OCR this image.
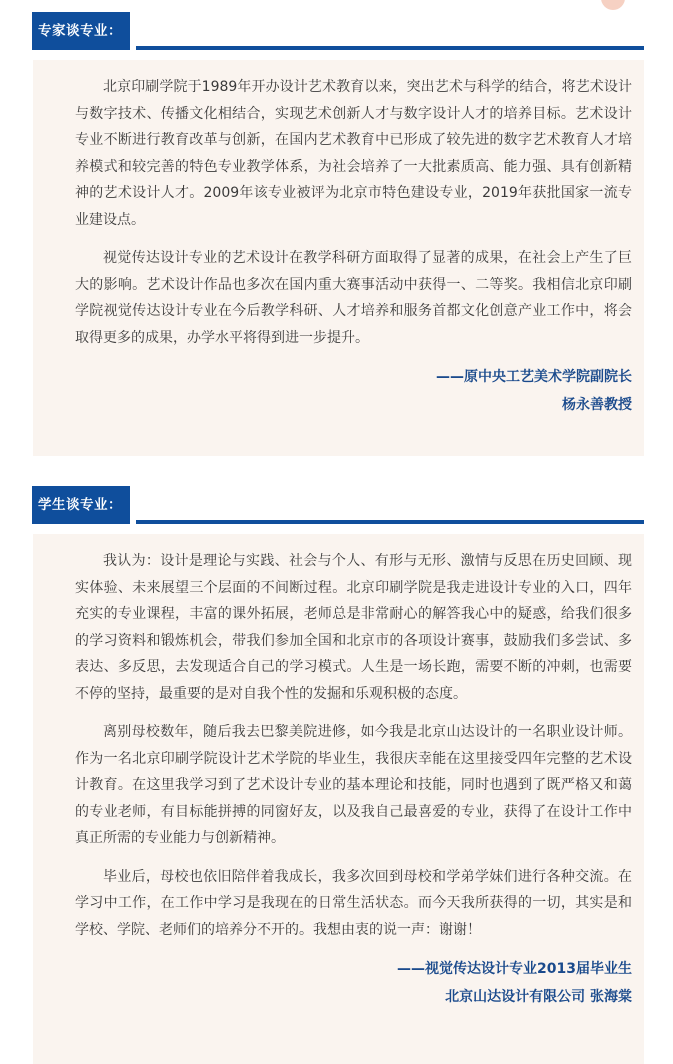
专家谈专业：

北京印刷学院于1989年开办设计艺术教育以来，突出艺术与科学的结合，将艺术设计与数字技术、传播文化相结合，实现艺术创新人才与数字设计人才的培养目标。艺术设计专业不断进行教育改革与创新，在国内艺术教育中已形成了较先进的数字艺术教育人才培养模式和较完善的特色专业教学体系，为社会培养了一大批素质高、能力强、具有创新精神的艺术设计人才。2009年该专业被评为北京市特色建设专业，2019年获批国家一流专业建设点。

视觉传达设计专业的艺术设计在教学科研方面取得了显著的成果，在社会上产生了巨大的影响。艺术设计作品也多次在国内重大赛事活动中获得一、二等奖。我相信北京印刷学院视觉传达设计专业在今后教学科研、人才培养和服务首都文化创意产业工作中，将会取得更多的成果，办学水平将得到进一步提升。

——原中央工艺美术学院副院长

杨永善教授

学生谈专业：

我认为：设计是理论与实践、社会与个人、有形与无形、激情与反思在历史回顾、现实体验、未来展望三个层面的不间断过程。北京印刷学院是我走进设计专业的入口，四年充实的专业课程，丰富的课外拓展，老师总是非常耐心的解答我心中的疑惑，给我们很多的学习资料和锻炼机会，带我们参加全国和北京市的各项设计赛事，鼓励我们多尝试、多表达、多反思，去发现适合自己的学习模式。人生是一场长跑，需要不断的冲刺，也需要不停的坚持，最重要的是对自我个性的发掘和乐观积极的态度。

离别母校数年，随后我去巴黎美院进修，如今我是北京山达设计的一名职业设计师。作为一名北京印刷学院设计艺术学院的毕业生，我很庆幸能在这里接受四年完整的艺术设计教育。在这里我学习到了艺术设计专业的基本理论和技能，同时也遇到了既严格又和蔼的专业老师，有目标能拼搏的同窗好友，以及我自己最喜爱的专业，获得了在设计工作中真正所需的专业能力与创新精神。

毕业后，母校也依旧陪伴着我成长，我多次回到母校和学弟学妹们进行各种交流。在学习中工作，在工作中学习是我现在的日常生活状态。而今天我所获得的一切，其实是和学校、学院、老师们的培养分不开的。我想由衷的说一声：谢谢！

——视觉传达设计专业2013届毕业生

北京山达设计有限公司 张海棠
